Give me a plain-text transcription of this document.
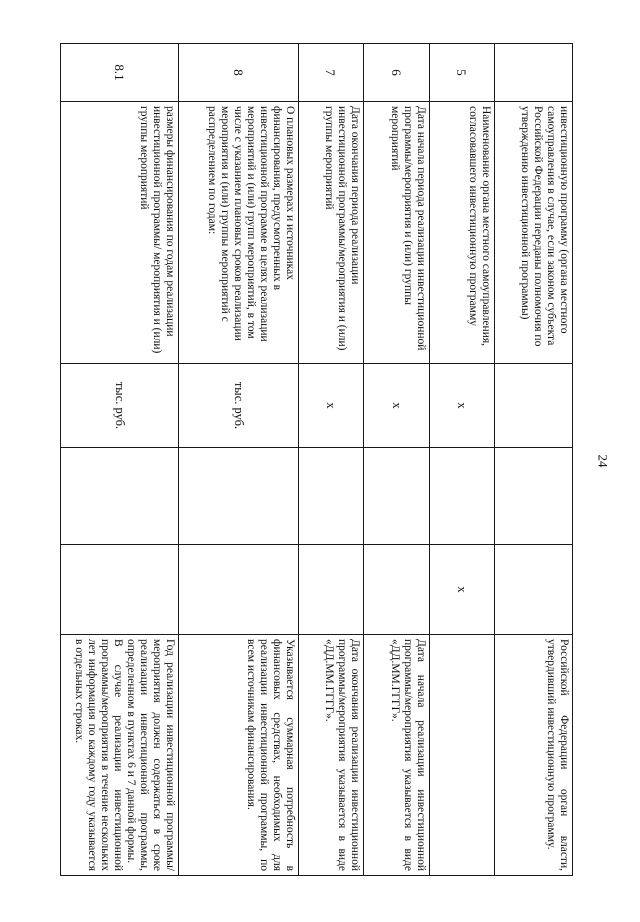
24
	инвестиционную программу (органа местного самоуправления в случае, если законом субъекта Российской Федерации переданы полномочия по утверждению инвестиционной программы)				Российской Федерации орган власти, утвердивший инвестиционную программу.
5	Наименование органа местного самоуправления, согласовавшего инвестиционную программу	x		x	
6	Дата начала периода реализации инвестиционной программы/мероприятия и (или) группы мероприятий	x			Дата начала реализации инвестиционной программы/мероприятия указывается в виде «ДД.ММ.ГГГГ».
7	Дата окончания периода реализации инвестиционной программы/мероприятия и (или) группы мероприятий	x			Дата окончания реализации инвестиционной программы/мероприятия указывается в виде «ДД.ММ.ГГГГ».
8	О плановых размерах и источниках финансирования, предусмотренных в инвестиционной программе в целях реализации мероприятий и (или) групп мероприятий, в том числе с указанием плановых сроков реализации мероприятия и (или) группы мероприятий с распределением по годам:	тыс. руб.			Указывается суммарная потребность в финансовых средствах, необходимых для реализации инвестиционной программы, по всем источникам финансирования.
8.1	размеры финансирования по годам реализации инвестиционной программы/ мероприятия и (или) группы мероприятий	тыс. руб.			Год реализации инвестиционной программы/мероприятия должен содержаться в сроке реализации инвестиционной программы, определенном в пунктах 6 и 7 данной формы.
В случае реализации инвестиционной программы/мероприятия в течение нескольких лет информация по каждому году указывается в отдельных строках.
